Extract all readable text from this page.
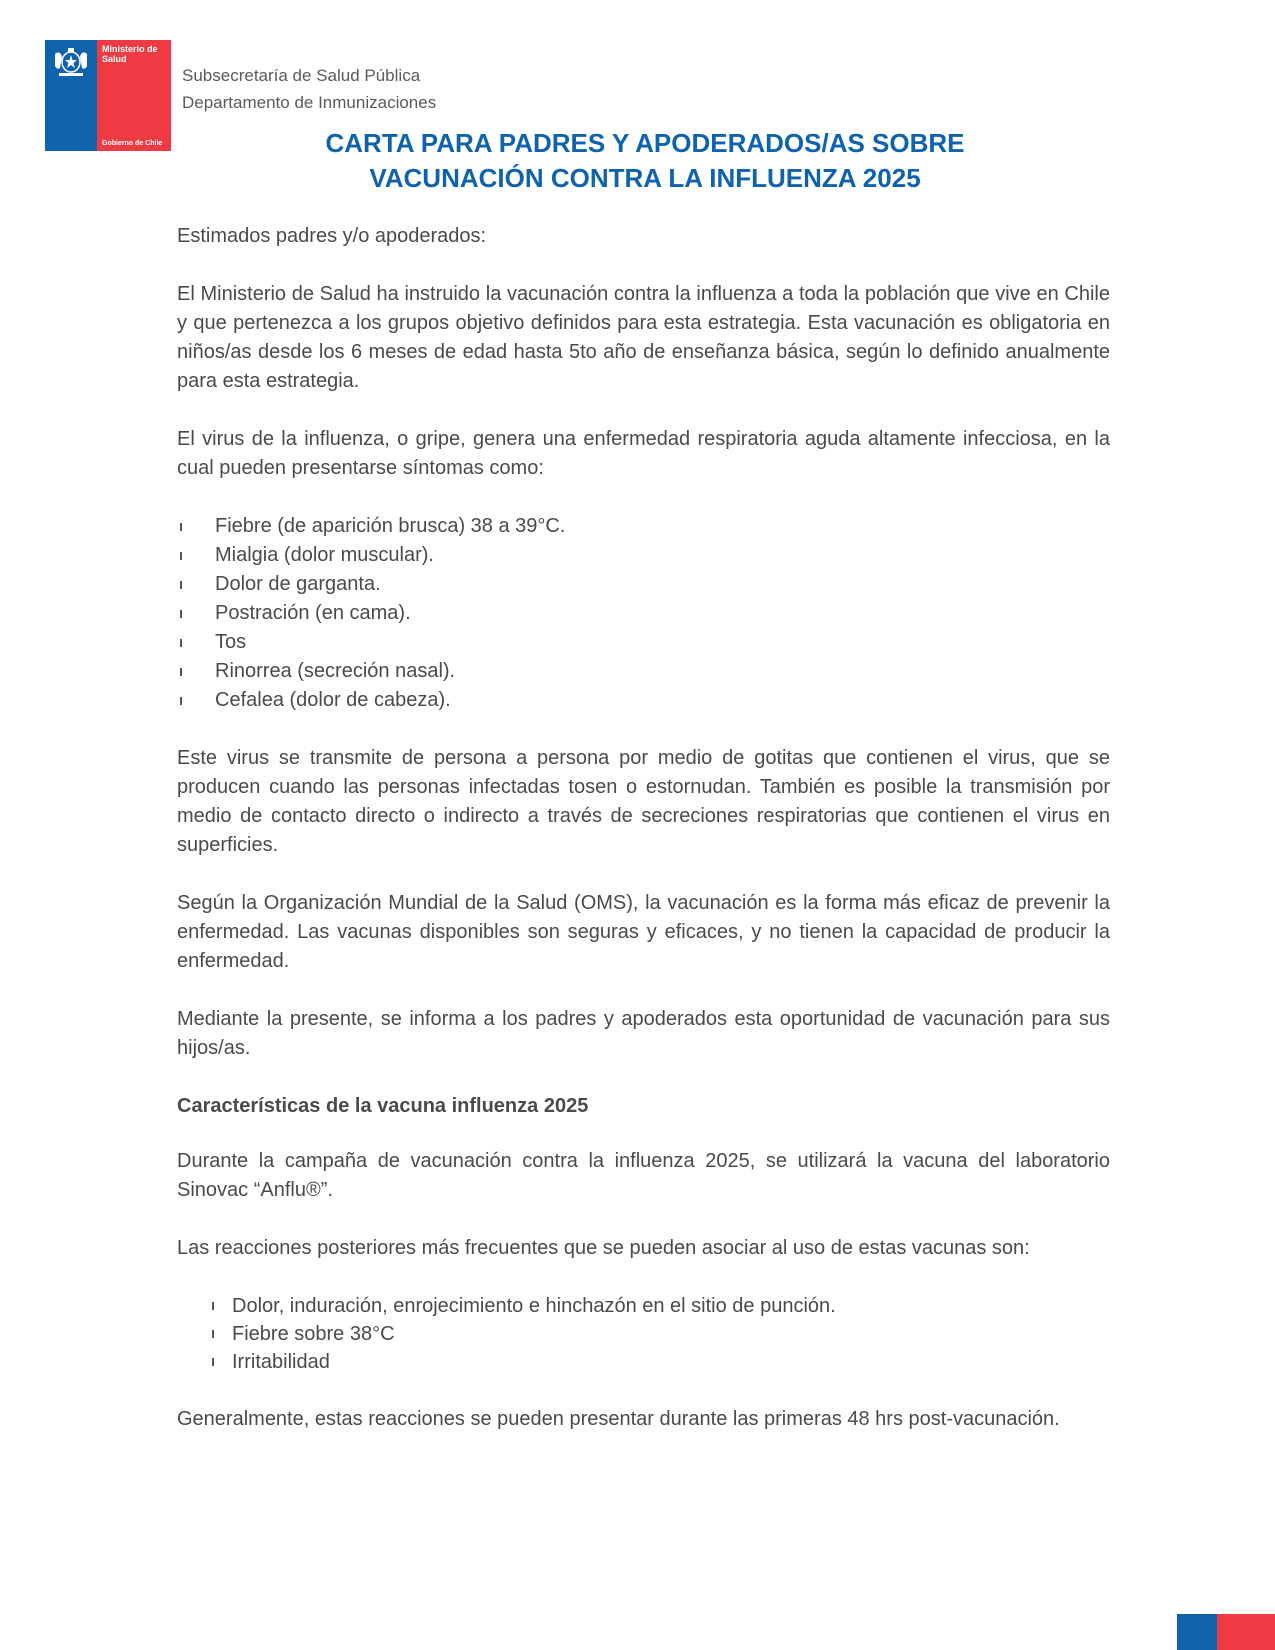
Ministerio de Salud
Gobierno de Chile
Subsecretaría de Salud Pública
Departamento de Inmunizaciones
CARTA PARA PADRES Y APODERADOS/AS SOBRE
VACUNACIÓN CONTRA LA INFLUENZA 2025

Estimados padres y/o apoderados:

El Ministerio de Salud ha instruido la vacunación contra la influenza a toda la población que vive en Chile y que pertenezca a los grupos objetivo definidos para esta estrategia. Esta vacunación es obligatoria en niños/as desde los 6 meses de edad hasta 5to año de enseñanza básica, según lo definido anualmente para esta estrategia.

El virus de la influenza, o gripe, genera una enfermedad respiratoria aguda altamente infecciosa, en la cual pueden presentarse síntomas como:

Fiebre (de aparición brusca) 38 a 39°C.
Mialgia (dolor muscular).
Dolor de garganta.
Postración (en cama).
Tos
Rinorrea (secreción nasal).
Cefalea (dolor de cabeza).

Este virus se transmite de persona a persona por medio de gotitas que contienen el virus, que se producen cuando las personas infectadas tosen o estornudan. También es posible la transmisión por medio de contacto directo o indirecto a través de secreciones respiratorias que contienen el virus en superficies.

Según la Organización Mundial de la Salud (OMS), la vacunación es la forma más eficaz de prevenir la enfermedad. Las vacunas disponibles son seguras y eficaces, y no tienen la capacidad de producir la enfermedad.

Mediante la presente, se informa a los padres y apoderados esta oportunidad de vacunación para sus hijos/as.

Características de la vacuna influenza 2025

Durante la campaña de vacunación contra la influenza 2025, se utilizará la vacuna del laboratorio Sinovac “Anflu®”.

Las reacciones posteriores más frecuentes que se pueden asociar al uso de estas vacunas son:

Dolor, induración, enrojecimiento e hinchazón en el sitio de punción.
Fiebre sobre 38°C
Irritabilidad

Generalmente, estas reacciones se pueden presentar durante las primeras 48 hrs post-vacunación.
